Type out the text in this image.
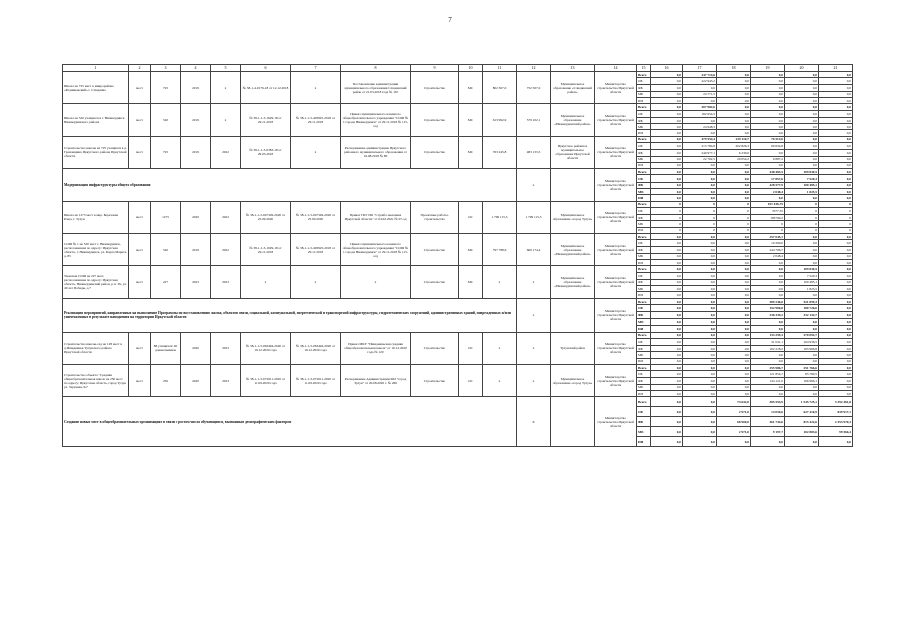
7
1	2	3	4	5	6	7	8	9	10	11	12	13	14	15	16	17	18	19	20	21
Школа на 725 мест в микрорайоне «Родниковский» г. Слюдянка	мест	725	2019	x	№ 38-1-4-0176-18 от 12.12.2018	x	Постановление администрации муниципального образования Слюдянский район от 21.03.2018 года № 167	Строительство	МС	802 307,0	752 507,0	Муниципальное образование «Слюдянский район»	Министерство строительства Иркутской области	Всего	0,0	247 714,6	0,0	0,0	0,0	0,0
														ОБ	0,0	222 943,2	0,0	0,0	0,0	0,0
														ФБ	0,0	0,0	0,0	0,0	0,0	0,0
														МБ	0,0	24 771,5	0,0	0,0	0,0	0,0
														ИИ	0,0	0,0	0,0	0,0	0,0	0,0
Школа на 520 учащихся в г. Нижнеудинск Нижнеудинского района	мест	520	2019	x	№ 38-1-1-3-1629-18 от 29.11.2018	№ 38-1-1-3-493925-2018 от 29.11.2018	Приказ муниципального казенного общеобразовательного учреждения "СОШ № 1 города Нижнеудинск" от 29.11.2018 № 115-осд	Строительство	МС	613 992,9	579 102,1	Муниципальное образование «Нижнеудинский район»	Министерство строительства Иркутской области	Всего	0,0	207 982,6	0,0	0,0	0,0	0,0
														ОБ	0,0	182 954,5	0,0	0,0	0,0	0,0
														ФБ	0,0	0,0	0,0	0,0	0,0	0,0
														МБ	0,0	24 948,3	0,0	0,0	0,0	0,0
														ИИ	0,0	0,0	0,0	0,0	0,0	0,0
Строительство школы на 725 учащихся в д. Грановщина Иркутского района Иркутской области	мест	725	2019	2022	№ 38-1-1-3-0383-18 от 29.03.2018	x	Распоряжение администрации Иркутского районного муниципального образования от 16.08.2018 № 80	Строительство	МС	763 245,8	483 133,5	Иркутское районное муниципальное образование Иркутской области	Министерство строительства Иркутской области	Всего	0,0	479 554,4	229 110,7	76 514,0	0,0	0,0
														ОБ	0,0	215 784,8	202 826,3	69 634,8	0,0	0,0
														ФБ	0,0	240 977,1	6 230,0	0,0	0,0	0,0
														МБ	0,0	22 792,5	20 054,2	6 887,2	0,0	0,0
														ИИ	0,0	0,0	0,0	0,0	0,0	0,0
Модернизация инфраструктуры общего образования											x		Министерство строительства Иркутской области	Всего	0,0	0,0	0,0	448 483,5	109 830,5	0,0
														ОБ	0,0	0,0	0,0	17 857,6	7 520,3	0,0
														ФБ	0,0	0,0	0,0	428 577,9	100 485,1	0,0
														МБ	0,0	0,0	0,0	2 048,4	1 825,5	0,0
														ИИ	0,0	0,0	0,0	0,0	0,0	0,0
Школа на 1275 мест в мкр. Березовая Роща, г. Тулун	мест	1275	2020	2022	№ 38-1-1-3-047349-2020 от 25.09.2020	№ 38-1-1-3-047349-2020 от 25.09.2020	Приказ ГКУ ИО "Служба заказчика Иркутской области" от 04.02.2021 № 07-од	Проектные работы, строительство	ОС	1 799 115,3	1 799 115,3	Муниципальное образование «город Тулун»	Министерство строительства Иркутской области	Всего	0	0	0	191 436,75	0	0
														ОБ	0	0	0	7077,55	0	0
														ФБ	0	0	0	183790,2	0	0
														МБ	0	0	0	0	0	0
														ИИ	0	0	0	0	0	0
СОШ № 1 на 520 мест г. Нижнеудинск, расположенная по адресу: Иркутская область, г. Нижнеудинск, ул. Карла Маркса, д. 85	мест	520	2019	2022	№ 38-1-1-3-1629-18 от 29.11.2018	№ 38-1-1-3-493925-2018 от 29.11.2018	Приказ муниципального казенного общеобразовательного учреждения "СОШ № 1 города Нижнеудинск" от 29.11.2018 № 115-осд	Строительство	МС	797 788,6	609 174,4	Муниципальное образование «Нижнеудинский район»	Министерство строительства Иркутской области	Всего	0,0	0,0	0,0	257 045,1	0,0	0,0
														ОБ	0,0	0,0	0,0	10 209,0	0,0	0,0
														ФБ	0,0	0,0	0,0	244 796,7	0,0	0,0
														МБ	0,0	0,0	0,0	2 048,4	0,0	0,0
														ИИ	0,0	0,0	0,0	0,0	0,0	0,0
Уковская СОШ на 227 мест, расположенная по адресу: Иркутская область, Нижнеудинский район, р.п. Ук, ул. 40 лет Победы, д.7	мест	227	2023	2023	x	x	x	Строительство	МС	x	x	Муниципальное образование «Нижнеудинский район»	Министерство строительства Иркутской области	Всего	0,0	0,0	0,0	0,0	109 830,5	0,0
														ОБ	0,0	0,0	0,0	0,0	7 520,3	0,0
														ФБ	0,0	0,0	0,0	0,0	100 485,1	0,0
														МБ	0,0	0,0	0,0	0,0	1 825,5	0,0
														ИИ	0,0	0,0	0,0	0,0	0,0	0,0
Реализация мероприятий, направленных на выполнение Программы по восстановлению жилья, объектов связи, социальной, коммунальной, энергетической и транспортной инфраструктуры, гидротехнических сооружений, административных зданий, поврежденных и/или уничтоженных в результате наводнения на территории Иркутской области											x		Министерство строительства Иркутской области	Всего	0,0	0,0	0,0	389 246,0	521 859,3	0,0
														ОБ	0,0	0,0	0,0	152 906,8	180 726,6	0,0
														ФБ	0,0	0,0	0,0	236 339,2	332 132,7	0,0
														МБ	0,0	0,0	0,0	0,0	0,0	0,0
														ИИ	0,0	0,0	0,0	0,0	0,0	0,0
Строительство школы-сад на 128 мест в д.Ишидеиньк Тулунского района Иркутской области	мест	88 учащихся/ 40 дошкольников	2020	2023	№ 38-1-1-3-063494-2020 от 16.12.2020 года	№ 38-1-1-3-063494-2020 от 16.12.2020 года	Приказ МКУ "Ишидеиньская средняя общеобразовательная школа" от 16.12.2020 года № 120	Строительство	ОС	x	x	Тулунский район	Министерство строительства Иркутской области	Всего	0,0	0,0	0,0	133 259,3	270 092,7	0,0
														ОБ	0,0	0,0	0,0	31 041,1	104 936,5	0,0
														ФБ	0,0	0,0	0,0	102 218,2	165 966,8	0,0
														МБ	0,0	0,0	0,0	0,0	0,0	0,0
														ИИ	0,0	0,0	0,0	0,0	0,0	0,0
Строительство объекта "Средняя общеобразовательная школа на 250 мест по адресу: Иркутская область, город Тулун ул. Заречная, 6а"	мест	250	2020	2023	№ 38-1-1-3-072911-2020 от 11.09.2020 года	№ 38-1-1-3-072911-2020 от 11.09.2020 года	Распоряжение Администрации МО "город Тулун" от 20.08.2020 г. № 266	Строительство	ОС	x	x	Муниципальное образование «город Тулун»	Министерство строительства Иркутской области	Всего	0,0	0,0	0,0	255 986,7	251 766,6	0,0
														ОБ	0,0	0,0	0,0	121 854,7	85 790,5	0,0
														ФБ	0,0	0,0	0,0	134 121,0	166 966,1	0,0
														МБ	0,0	0,0	0,0	0,0	0,0	0,0
														ИИ	0,0	0,0	0,0	0,0	0,0	0,0
Создание новых мест в общеобразовательных организациях в связи с ростом числа обучающихся, вызванным демографическим фактором											X		Министерство строительства Иркутской области	Всего	0,0	0,0	74 642,0	385 554,9	1 545 725,1	3 392 461,8
														ОБ	0,0	0,0	2 971,0	14 030,6	627 410,9	839 917,1
														ФБ	0,0	0,0	68 900,0	361 744,6	815 422,6	2 453 970,3
														МБ	0,0	0,0	2 971,0	9 197,7	102 883,6	99 566,4
														ИИ	0,0	0,0	0,0	0,0	0,0	0,0
